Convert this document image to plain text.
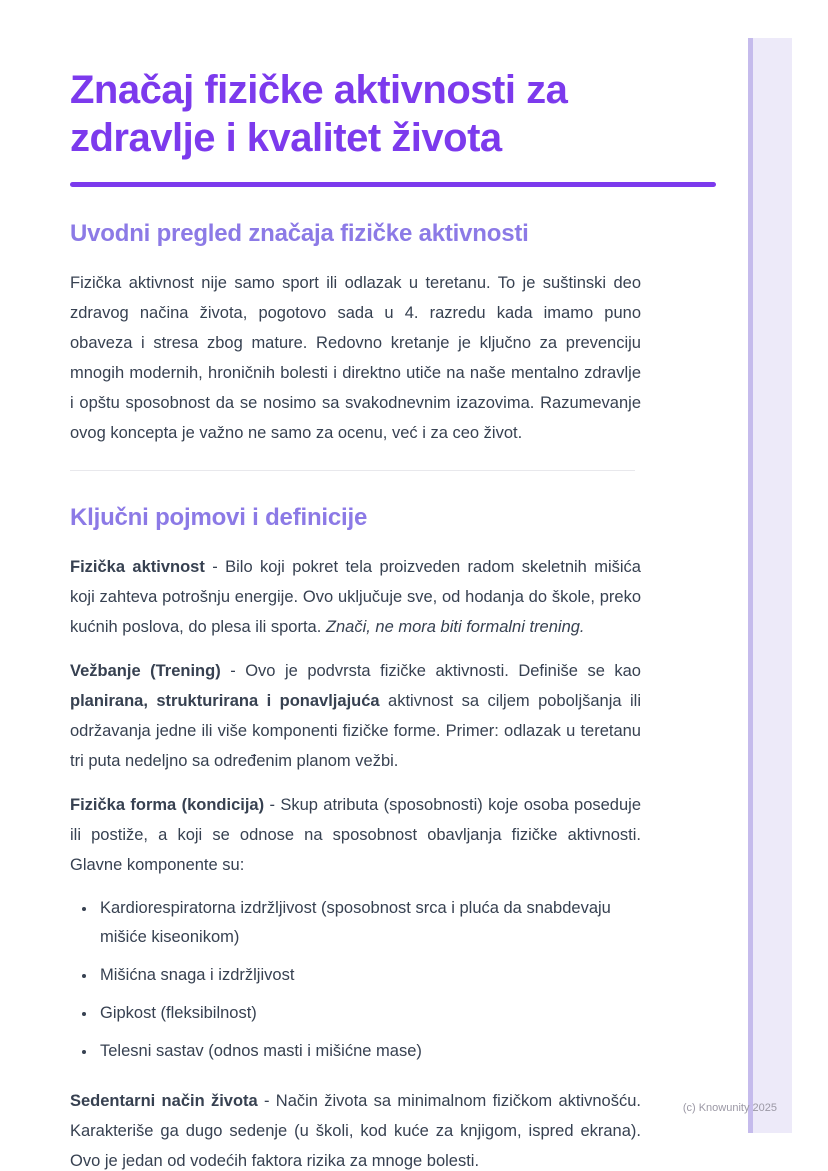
Značaj fizičke aktivnosti za zdravlje i kvalitet života
Uvodni pregled značaja fizičke aktivnosti

Fizička aktivnost nije samo sport ili odlazak u teretanu. To je suštinski deo zdravog načina života, pogotovo sada u 4. razredu kada imamo puno obaveza i stresa zbog mature. Redovno kretanje je ključno za prevenciju mnogih modernih, hroničnih bolesti i direktno utiče na naše mentalno zdravlje i opštu sposobnost da se nosimo sa svakodnevnim izazovima. Razumevanje ovog koncepta je važno ne samo za ocenu, već i za ceo život.

Ključni pojmovi i definicije

Fizička aktivnost - Bilo koji pokret tela proizveden radom skeletnih mišića koji zahteva potrošnju energije. Ovo uključuje sve, od hodanja do škole, preko kućnih poslova, do plesa ili sporta. Znači, ne mora biti formalni trening.

Vežbanje (Trening) - Ovo je podvrsta fizičke aktivnosti. Definiše se kao planirana, strukturirana i ponavljajuća aktivnost sa ciljem poboljšanja ili održavanja jedne ili više komponenti fizičke forme. Primer: odlazak u teretanu tri puta nedeljno sa određenim planom vežbi.

Fizička forma (kondicija) - Skup atributa (sposobnosti) koje osoba poseduje ili postiže, a koji se odnose na sposobnost obavljanja fizičke aktivnosti. Glavne komponente su:

• Kardiorespiratorna izdržljivost (sposobnost srca i pluća da snabdevaju mišiće kiseonikom)
• Mišićna snaga i izdržljivost
• Gipkost (fleksibilnost)
• Telesni sastav (odnos masti i mišićne mase)

Sedentarni način života - Način života sa minimalnom fizičkom aktivnošću. Karakteriše ga dugo sedenje (u školi, kod kuće za knjigom, ispred ekrana). Ovo je jedan od vodećih faktora rizika za mnoge bolesti.

(c) Knowunity 2025
